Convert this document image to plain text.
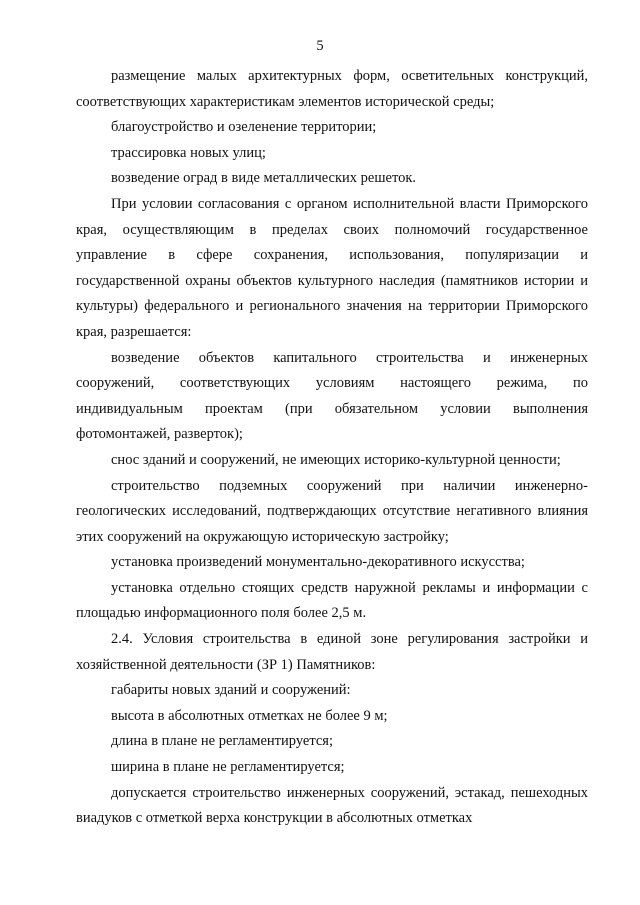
5

размещение малых архитектурных форм, осветительных конструкций, соответствующих характеристикам элементов исторической среды;

благоустройство и озеленение территории;

трассировка новых улиц;

возведение оград в виде металлических решеток.

При условии согласования с органом исполнительной власти Приморского края, осуществляющим в пределах своих полномочий государственное управление в сфере сохранения, использования, популяризации и государственной охраны объектов культурного наследия (памятников истории и культуры) федерального и регионального значения на территории Приморского края, разрешается:

возведение объектов капитального строительства и инженерных сооружений, соответствующих условиям настоящего режима, по индивидуальным проектам (при обязательном условии выполнения фотомонтажей, разверток);

снос зданий и сооружений, не имеющих историко-культурной ценности;

строительство подземных сооружений при наличии инженерно-геологических исследований, подтверждающих отсутствие негативного влияния этих сооружений на окружающую историческую застройку;

установка произведений монументально-декоративного искусства;

установка отдельно стоящих средств наружной рекламы и информации с площадью информационного поля более 2,5 м.

2.4. Условия строительства в единой зоне регулирования застройки и хозяйственной деятельности (ЗР 1) Памятников:

габариты новых зданий и сооружений:

высота в абсолютных отметках не более 9 м;

длина в плане не регламентируется;

ширина в плане не регламентируется;

допускается строительство инженерных сооружений, эстакад, пешеходных виадуков с отметкой верха конструкции в абсолютных отметках
